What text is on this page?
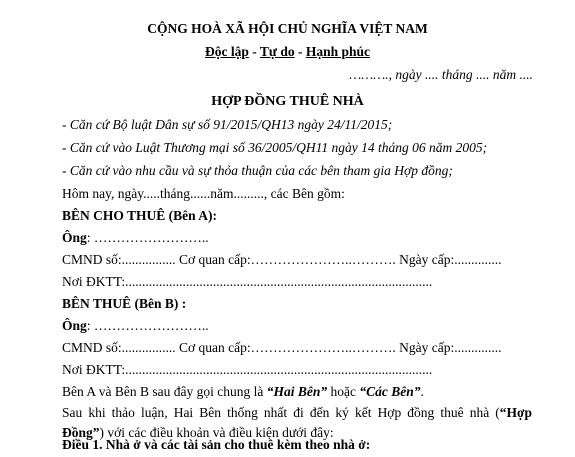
CỘNG HOÀ XÃ HỘI CHỦ NGHĨA VIỆT NAM
Độc lập - Tự do - Hạnh phúc
………., ngày .... tháng .... năm ....
HỢP ĐỒNG THUÊ NHÀ
- Căn cứ Bộ luật Dân sự số 91/2015/QH13 ngày 24/11/2015;
- Căn cứ vào Luật Thương mại số 36/2005/QH11 ngày 14 tháng 06 năm 2005;
- Căn cứ vào nhu cầu và sự thỏa thuận của các bên tham gia Hợp đồng;
Hôm nay, ngày.....tháng......năm........., các Bên gồm:
BÊN CHO THUÊ (Bên A):
Ông: ……………………..
CMND số:................ Cơ quan cấp:…………………..………. Ngày cấp:..............
Nơi ĐKTT:...........................................................................................
BÊN THUÊ (Bên B) :
Ông: ……………………..
CMND số:................ Cơ quan cấp:…………………..………. Ngày cấp:..............
Nơi ĐKTT:...........................................................................................
Bên A và Bên B sau đây gọi chung là “Hai Bên” hoặc “Các Bên”.
Sau khi thảo luận, Hai Bên thống nhất đi đến ký kết Hợp đồng thuê nhà (“Hợp Đồng”) với các điều khoản và điều kiện dưới đây:
Điều 1. Nhà ở và các tài sản cho thuê kèm theo nhà ở:
